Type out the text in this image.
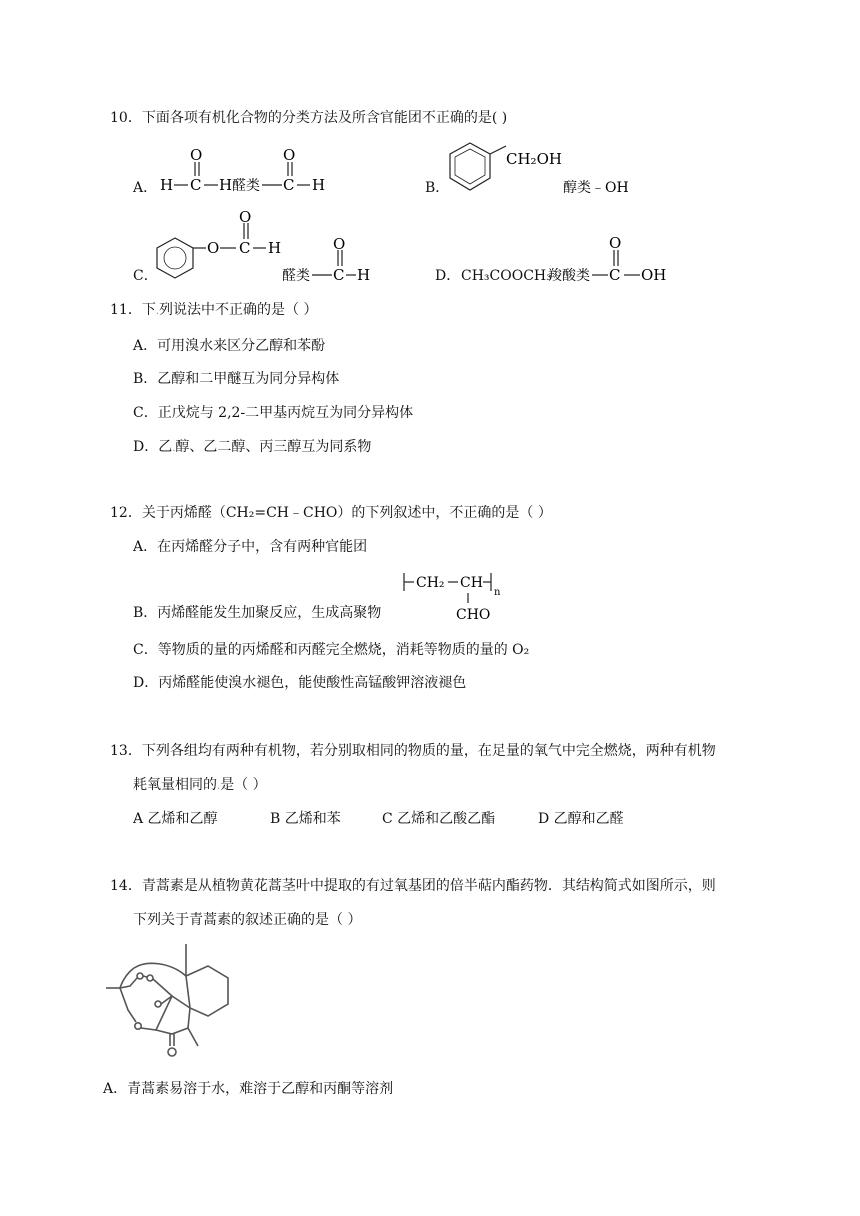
10．下面各项有机化合物的分类方法及所含官能团不正确的是( )
A． H C
O
H 醛类 C
O
H	B．
CH₂OH
醇类﹣OH
C．
O C
O
H
醛类 C
O
H	D． CH₃COOCH₃
羧酸类 C
O
OH
11．下.列说法中不正确的是（ ）
A．可用溴水来区分乙醇和苯酚
B．乙醇和二甲醚互为同分异构体
C．正戊烷与 2,2-二甲基丙烷互为同分异构体
D．乙.醇、乙二醇、丙三醇互为同系物
12．关于丙烯醛（CH₂=CH﹣CHO）的下列叙述中，不正确的是（ ）
A．在丙烯醛分子中，含有两种官能团
B．丙烯醛能发生加聚反应，生成高聚物
CH₂ CH
n
CHO
C．等物质的量的丙烯醛和丙醛完全燃烧，消耗等物质的量的 O₂
D．丙烯醛能使溴水褪色，能使酸性高锰酸钾溶液褪色
13．下列各组均有两种有机物，若分别取相同的物质的量，在足量的氧气中完全燃烧，两种有机物
耗氧量相同的.是（ ）
A 乙烯和乙醇	B 乙烯和苯	C 乙烯和乙酸乙酯	D 乙醇和乙醛
14．青蒿素是从植物黄花蒿茎叶中提取的有过氧基团的倍半萜内酯药物．其结构简式如图所示，则
下列关于青蒿素的叙述正确的是（ ）
A．青蒿素易溶于水，难溶于乙醇和丙酮等溶剂
